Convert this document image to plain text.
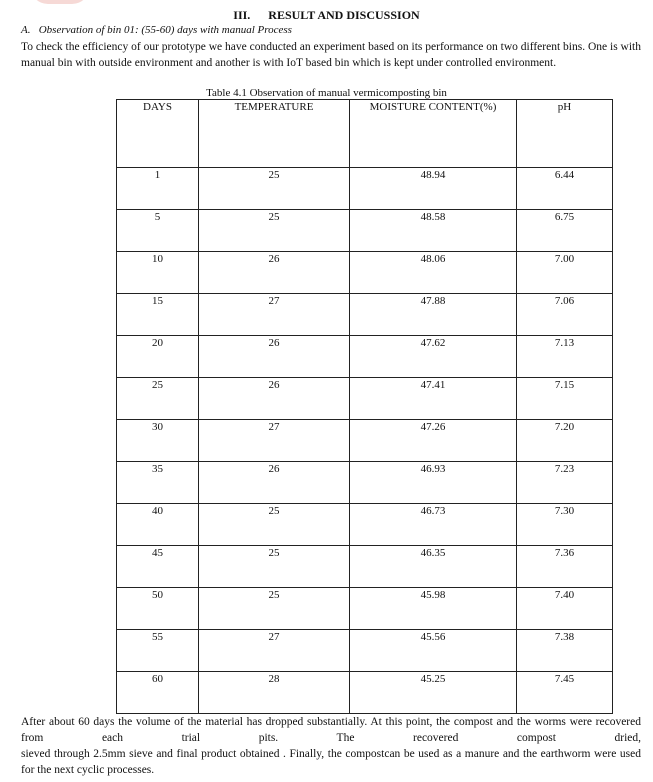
III. RESULT AND DISCUSSION
A. Observation of bin 01: (55-60) days with manual Process
To check the efficiency of our prototype we have conducted an experiment based on its performance on two different bins. One is with manual bin with outside environment and another is with IoT based bin which is kept under controlled environment.
Table 4.1 Observation of manual vermicomposting bin
DAYS	TEMPERATURE	MOISTURE CONTENT(%)	pH
1	25	48.94	6.44
5	25	48.58	6.75
10	26	48.06	7.00
15	27	47.88	7.06
20	26	47.62	7.13
25	26	47.41	7.15
30	27	47.26	7.20
35	26	46.93	7.23
40	25	46.73	7.30
45	25	46.35	7.36
50	25	45.98	7.40
55	27	45.56	7.38
60	28	45.25	7.45

After about 60 days the volume of the material has dropped substantially. At this point, the compost and the worms were recovered from each trial pits. The recovered compost dried,

sieved through 2.5mm sieve and final product obtained . Finally, the compostcan be used as a manure and the earthworm were used for the next cyclic processes.
